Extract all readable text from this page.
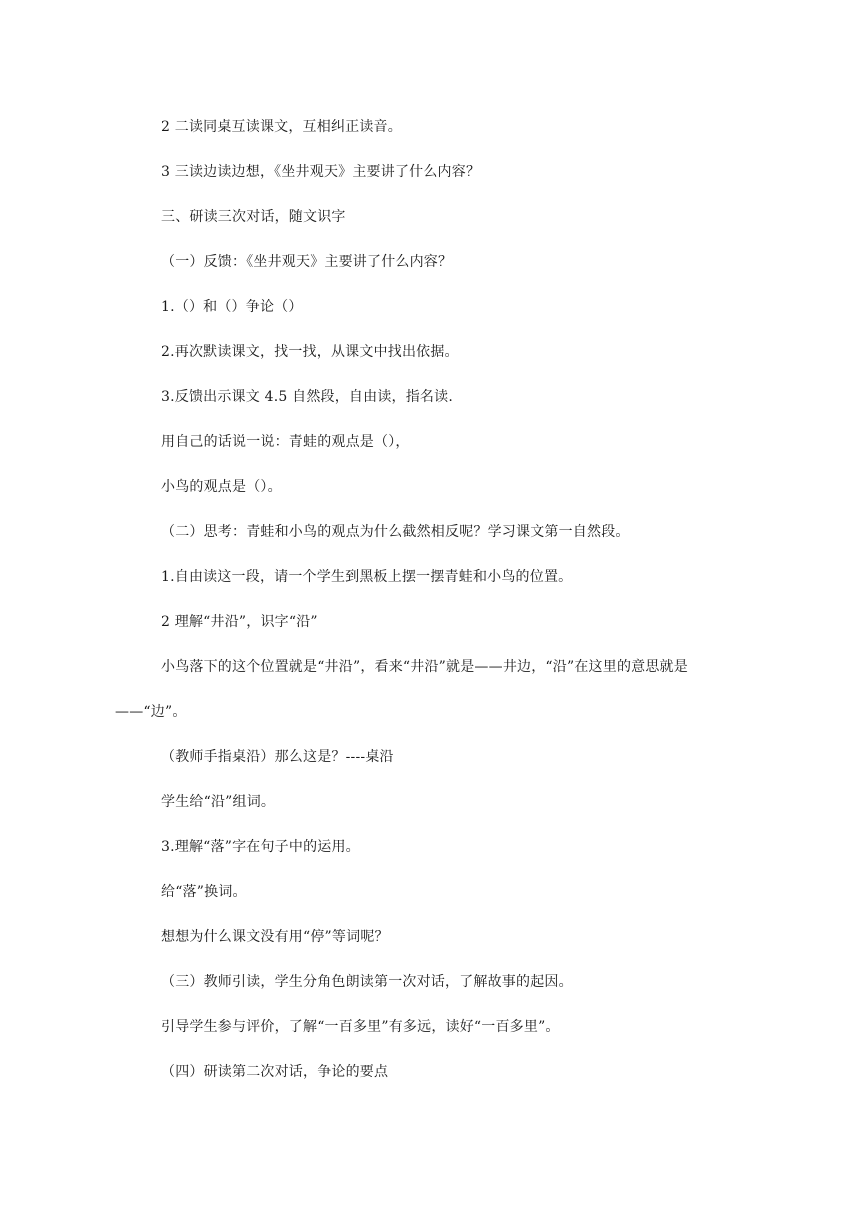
2 二读同桌互读课文，互相纠正读音。
3 三读边读边想，《坐井观天》主要讲了什么内容？
三、研读三次对话，随文识字
（一）反馈：《坐井观天》主要讲了什么内容？
1.（）和（）争论（）
2.再次默读课文，找一找，从课文中找出依据。
3.反馈出示课文 4.5 自然段，自由读，指名读.
用自己的话说一说：青蛙的观点是（），
小鸟的观点是（）。
（二）思考：青蛙和小鸟的观点为什么截然相反呢？学习课文第一自然段。
1.自由读这一段，请一个学生到黑板上摆一摆青蛙和小鸟的位置。
2 理解“井沿”，识字“沿”
小鸟落下的这个位置就是“井沿”，看来“井沿”就是——井边，“沿”在这里的意思就是——“边”。
（教师手指桌沿）那么这是？----桌沿
学生给“沿”组词。
3.理解“落”字在句子中的运用。
给“落”换词。
想想为什么课文没有用“停”等词呢？
（三）教师引读，学生分角色朗读第一次对话，了解故事的起因。
引导学生参与评价，了解“一百多里”有多远，读好“一百多里”。
（四）研读第二次对话，争论的要点
